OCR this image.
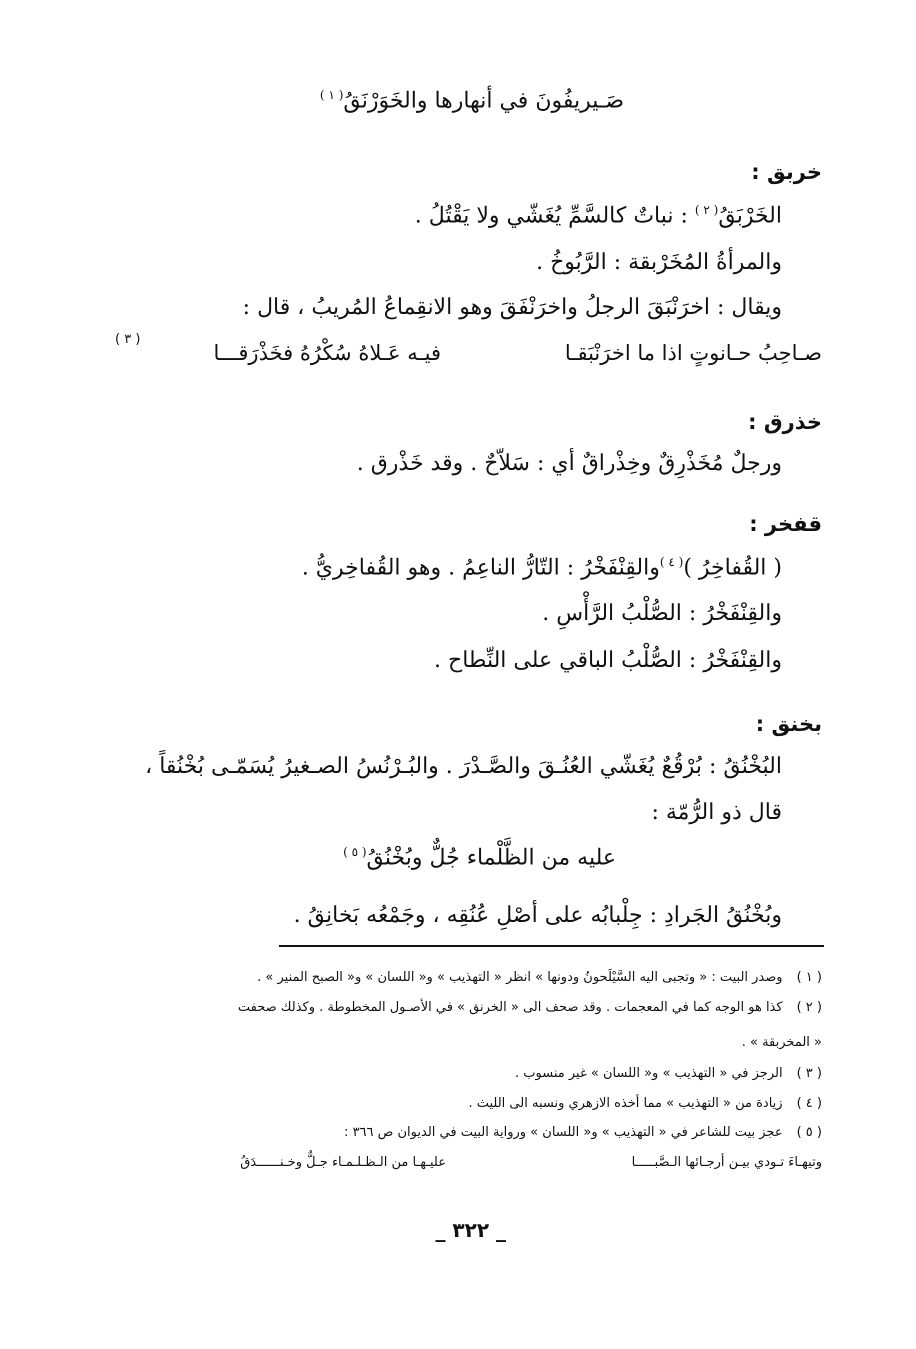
صَـيريفُونَ في أنهارها والخَوَرْنَقُ$^{( ١ )}$
خربق :
الخَرْبَقُ$^{( ٢ )}$ : نباتٌ كالسَّمِّ يُغَشّي ولا يَقْتُلُ .
والمرأةُ المُخَرْبقة : الرَّبُوخُ .
ويقال : اخرَنْبَقَ الرجلُ واخرَنْفَقَ وهو الانقِماعُ المُريبُ ، قال :
صـاحِبُ حـانوتٍ اذا ما اخرَنْبَقـا
فيـه عَـلاهُ سُكْرُهُ فخَذْرَقـــا
( ٣ )
خذرق :
ورجلٌ مُخَذْرِقٌ وخِذْراقٌ أي : سَلاّحٌ . وقد خَذْرق .
قفخر :
( القُفاخِرُ )$^{( ٤ )}$والقِنْفَخْرُ : التّارُّ الناعِمُ . وهو القُفاخِريُّ .
والقِنْفَخْرُ : الصُّلْبُ الرَّأْسِ .
والقِنْفَخْرُ : الصُّلْبُ الباقي على النِّطاح .
بخنق :
البُخْنُقُ : بُرْقُعٌ يُغَشّي العُنُـقَ والصَّـدْرَ . والبُـرْنُسُ الصـغيرُ يُسَمّـى بُخْنُقاً ،
قال ذو الرُّمّة :
عليه من الظَّلْماء جُلٌّ وبُخْنُقُ$^{( ٥ )}$
وبُخْنُقُ الجَرادِ : جِلْبابُه على أصْلِ عُنُقِه ، وجَمْعُه بَخانِقُ .
( ١ )وصدر البيت : « وتجبى اليه السَّيْلَحونُ ودونها » انظر « التهذيب » و« اللسان » و« الصبح المنير » .
( ٢ )كذا هو الوجه كما في المعجمات . وقد صحف الى « الخرنق » في الأصـول المخطوطة . وكذلك صحفت
« المخربقة » .
( ٣ )الرجز في « التهذيب » و« اللسان » غير منسوب .
( ٤ )زيادة من « التهذيب » مما أخذه الازهري ونسبه الى الليث .
( ٥ )عجز بيت للشاعر في « التهذيب » و« اللسان » ورواية البيت في الديوان ص ٣٦٦ :
وتيهـاءَ تـودي بيـن أرجـائها الـصَّبـــــا
عليـهـا من الـظـلـمـاء جـلٌّ وخـنــــــدَقُ
_ ٣٢٢ _
